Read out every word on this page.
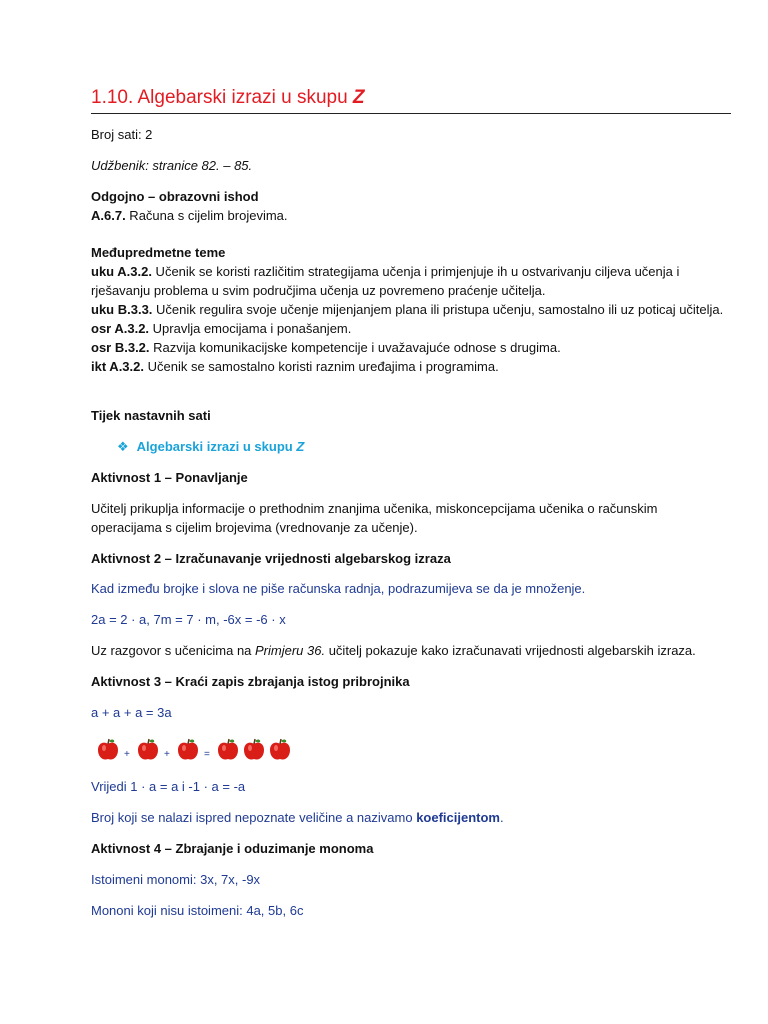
1.10. Algebarski izrazi u skupu Z
Broj sati: 2
Udžbenik: stranice 82. – 85.
Odgojno – obrazovni ishod
A.6.7. Računa s cijelim brojevima.
Međupredmetne teme
uku A.3.2. Učenik se koristi različitim strategijama učenja i primjenjuje ih u ostvarivanju ciljeva učenja i
rješavanju problema u svim područjima učenja uz povremeno praćenje učitelja.
uku B.3.3. Učenik regulira svoje učenje mijenjanjem plana ili pristupa učenju, samostalno ili uz poticaj učitelja.
osr A.3.2. Upravlja emocijama i ponašanjem.
osr B.3.2. Razvija komunikacijske kompetencije i uvažavajuće odnose s drugima.
ikt A.3.2. Učenik se samostalno koristi raznim uređajima i programima.
Tijek nastavnih sati
❖ Algebarski izrazi u skupu Z
Aktivnost 1 – Ponavljanje
Učitelj prikuplja informacije o prethodnim znanjima učenika, miskoncepcijama učenika o računskim
operacijama s cijelim brojevima (vrednovanje za učenje).
Aktivnost 2 – Izračunavanje vrijednosti algebarskog izraza
Kad između brojke i slova ne piše računska radnja, podrazumijeva se da je množenje.
2a = 2 · a, 7m = 7 · m, -6x = -6 · x
Uz razgovor s učenicima na Primjeru 36. učitelj pokazuje kako izračunavati vrijednosti algebarskih izraza.
Aktivnost 3 – Kraći zapis zbrajanja istog pribrojnika
a + a + a = 3a
+	+	=
Vrijedi 1 · a = a i -1 · a = -a
Broj koji se nalazi ispred nepoznate veličine a nazivamo koeficijentom.
Aktivnost 4 – Zbrajanje i oduzimanje monoma
Istoimeni monomi: 3x, 7x, -9x
Mononi koji nisu istoimeni: 4a, 5b, 6c
